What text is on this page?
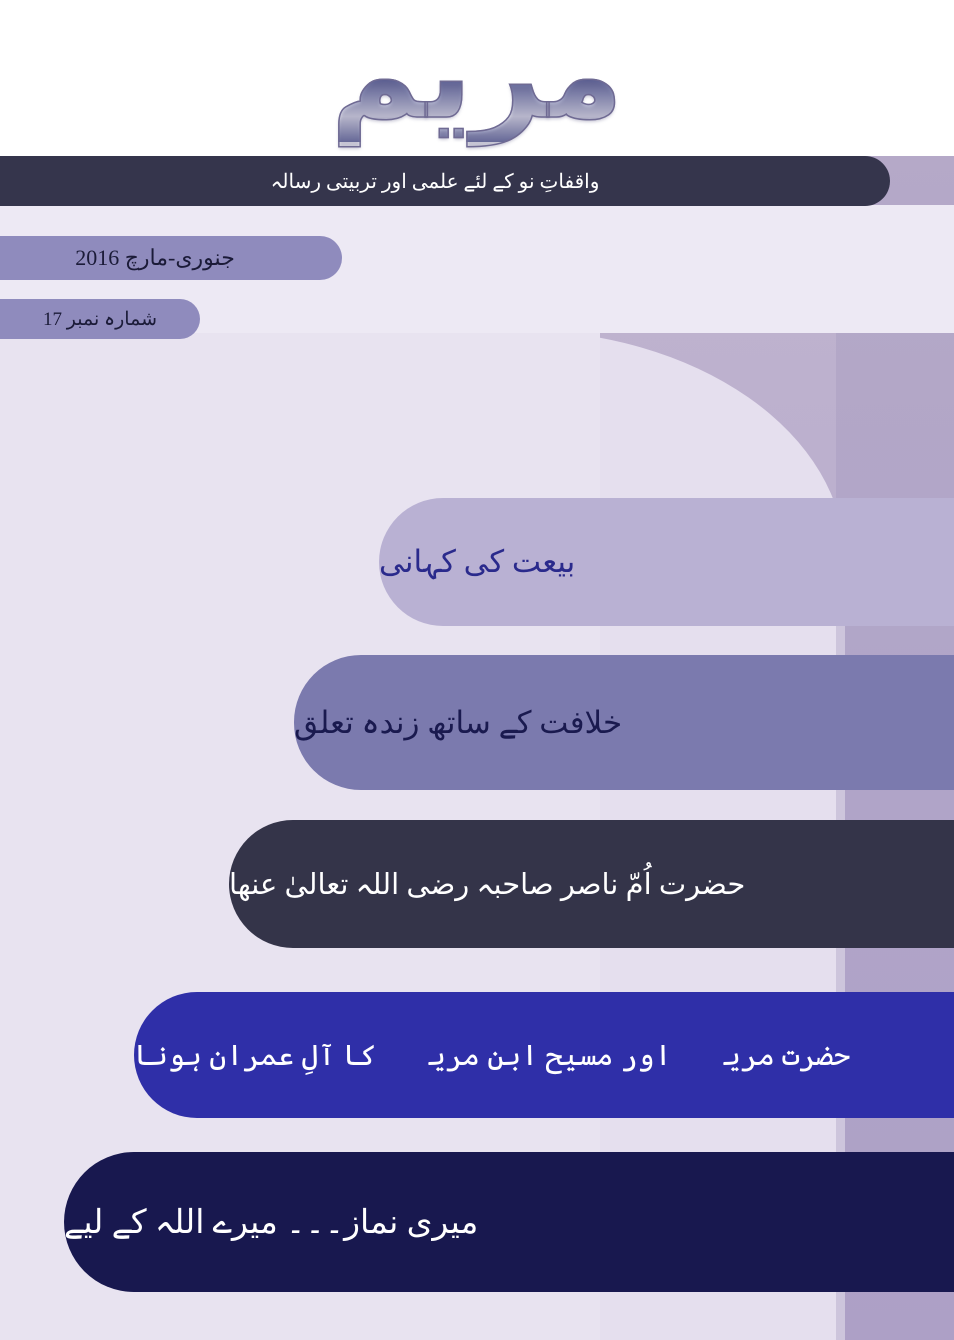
مريم
واقفاتِ نو کے لئے علمی اور تربیتی رسالہ
جنوری-مارچ 2016
شمارہ نمبر 17
بیعت کی کہانی
خلافت کے ساتھ زندہ تعلق
حضرت اُمّ ناصر صاحبہ رضی اللہ تعالیٰ عنھا
حضرت مریمؑ اور مسیح ابن مریمؑ کا آلِ عمران ہونا
میری نماز۔۔۔ میرے اللہ کے لیے
